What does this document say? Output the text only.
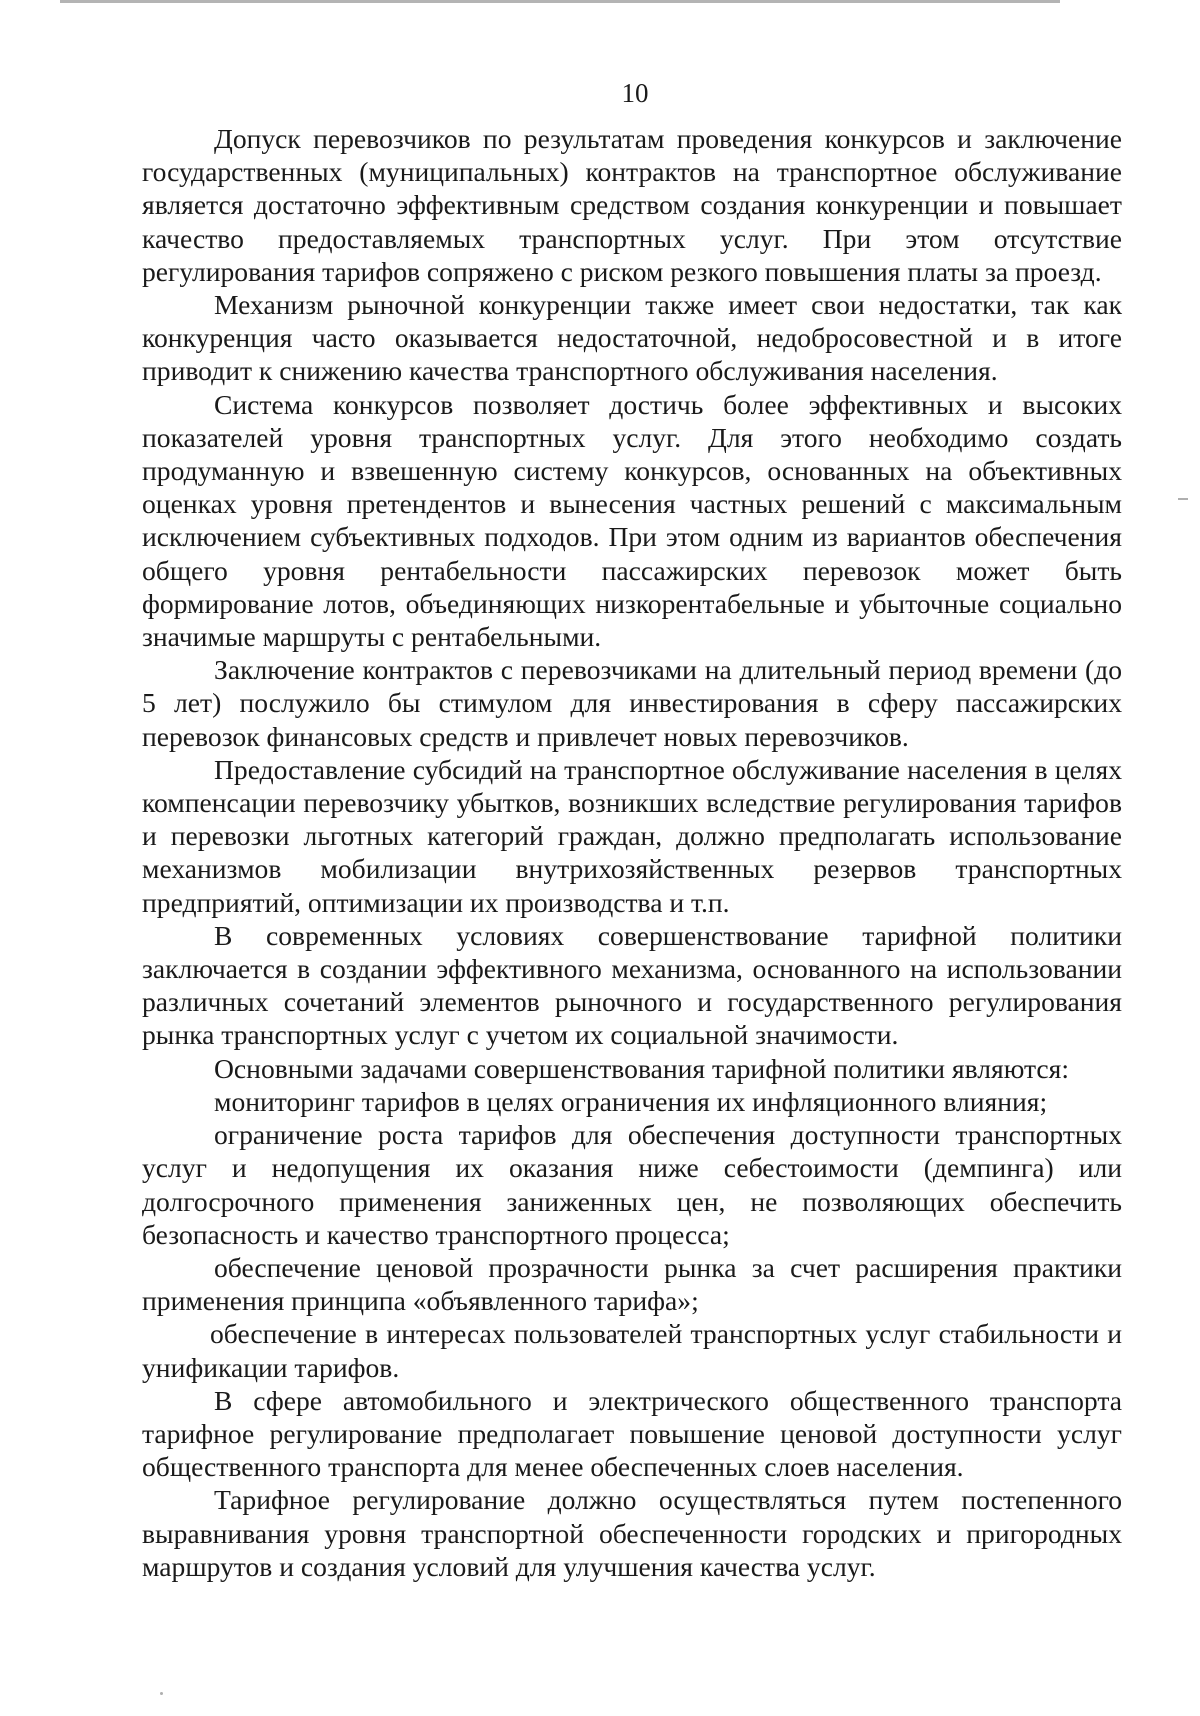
10

Допуск перевозчиков по результатам проведения конкурсов и заключение государственных (муниципальных) контрактов на транспортное обслуживание является достаточно эффективным средством создания конкуренции и повышает качество предоставляемых транспортных услуг. При этом отсутствие регулирования тарифов сопряжено с риском резкого повышения платы за проезд.

Механизм рыночной конкуренции также имеет свои недостатки, так как конкуренция часто оказывается недостаточной, недобросовестной и в итоге приводит к снижению качества транспортного обслуживания населения.

Система конкурсов позволяет достичь более эффективных и высоких показателей уровня транспортных услуг. Для этого необходимо создать продуманную и взвешенную систему конкурсов, основанных на объективных оценках уровня претендентов и вынесения частных решений с максимальным исключением субъективных подходов. При этом одним из вариантов обеспечения общего уровня рентабельности пассажирских перевозок может быть формирование лотов, объединяющих низкорентабельные и убыточные социально значимые маршруты с рентабельными.

Заключение контрактов с перевозчиками на длительный период времени (до 5 лет) послужило бы стимулом для инвестирования в сферу пассажирских перевозок финансовых средств и привлечет новых перевозчиков.

Предоставление субсидий на транспортное обслуживание населения в целях компенсации перевозчику убытков, возникших вследствие регулирования тарифов и перевозки льготных категорий граждан, должно предполагать использование механизмов мобилизации внутрихозяйственных резервов транспортных предприятий, оптимизации их производства и т.п.

В современных условиях совершенствование тарифной политики заключается в создании эффективного механизма, основанного на использовании различных сочетаний элементов рыночного и государственного регулирования рынка транспортных услуг с учетом их социальной значимости.

Основными задачами совершенствования тарифной политики являются:

мониторинг тарифов в целях ограничения их инфляционного влияния;

ограничение роста тарифов для обеспечения доступности транспортных услуг и недопущения их оказания ниже себестоимости (демпинга) или долгосрочного применения заниженных цен, не позволяющих обеспечить безопасность и качество транспортного процесса;

обеспечение ценовой прозрачности рынка за счет расширения практики применения принципа «объявленного тарифа»;

обеспечение в интересах пользователей транспортных услуг стабильности и унификации тарифов.

В сфере автомобильного и электрического общественного транспорта тарифное регулирование предполагает повышение ценовой доступности услуг общественного транспорта для менее обеспеченных слоев населения.

Тарифное регулирование должно осуществляться путем постепенного выравнивания уровня транспортной обеспеченности городских и пригородных маршрутов и создания условий для улучшения качества услуг.
